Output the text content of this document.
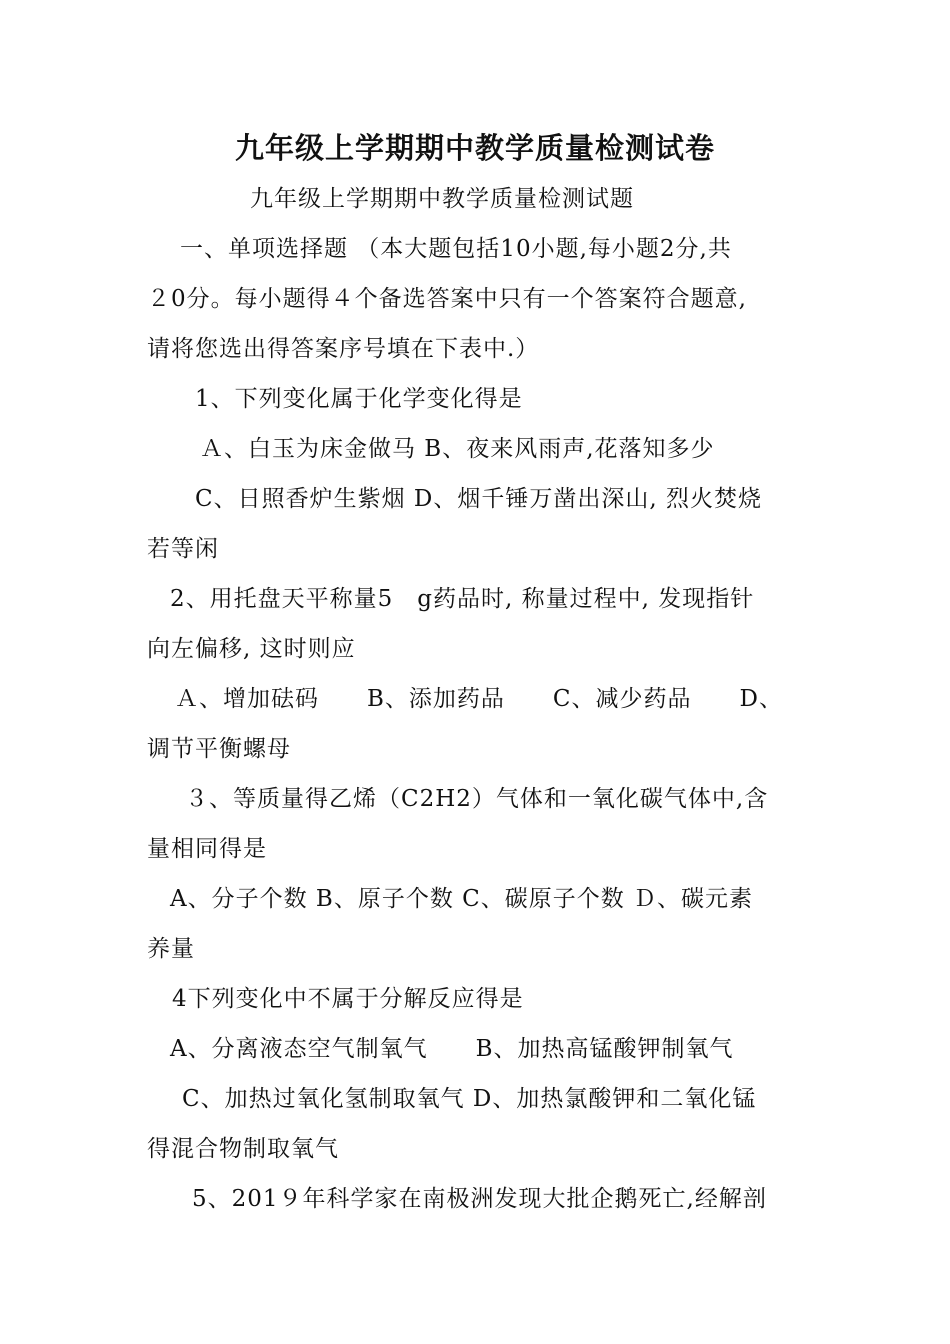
九年级上学期期中教学质量检测试卷
九年级上学期期中教学质量检测试题
一、单项选择题 （本大题包括10小题,每小题2分,共
２0分。每小题得４个备选答案中只有一个答案符合题意,
请将您选出得答案序号填在下表中.）
1、下列变化属于化学变化得是
Ａ、白玉为床金做马 B、夜来风雨声,花落知多少
C、日照香炉生紫烟 D、烟千锤万凿出深山, 烈火焚烧
若等闲
2、用托盘天平称量5　g药品时, 称量过程中, 发现指针
向左偏移, 这时则应
Ａ、增加砝码　　B、添加药品　　C、减少药品　　D、
调节平衡螺母
３、等质量得乙烯（C2H2）气体和一氧化碳气体中,含
量相同得是
A、分子个数 B、原子个数 C、碳原子个数 Ｄ、碳元素
养量
4下列变化中不属于分解反应得是
A、分离液态空气制氧气　　B、加热高锰酸钾制氧气
C、加热过氧化氢制取氧气 D、加热氯酸钾和二氧化锰
得混合物制取氧气
5、201９年科学家在南极洲发现大批企鹅死亡,经解剖
